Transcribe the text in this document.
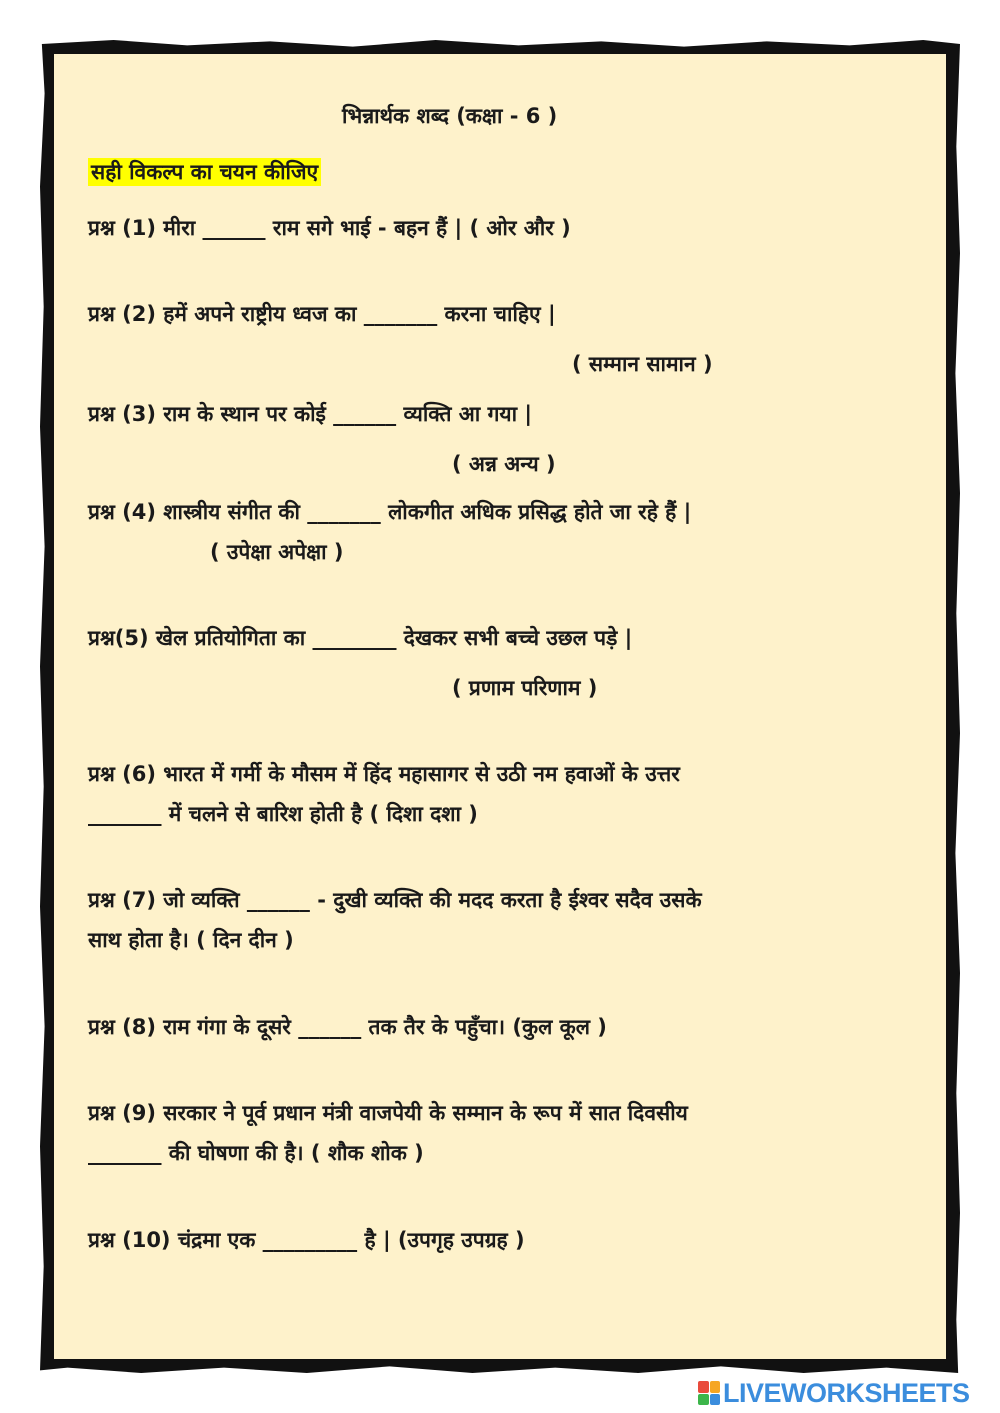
भिन्नार्थक शब्द (कक्षा - 6 )
सही विकल्प का चयन कीजिए
प्रश्न (1) मीरा ______ राम सगे भाई - बहन हैं | ( ओर और )
प्रश्न (2) हमें अपने राष्ट्रीय ध्वज का _______ करना चाहिए |
( सम्मान सामान )
प्रश्न (3) राम के स्थान पर कोई ______ व्यक्ति आ गया |
( अन्न अन्य )
प्रश्न (4) शास्त्रीय संगीत की _______ लोकगीत अधिक प्रसिद्ध होते जा रहे हैं |
( उपेक्षा अपेक्षा )
प्रश्न(5) खेल प्रतियोगिता का ________ देखकर सभी बच्चे उछल पड़े |
( प्रणाम परिणाम )
प्रश्न (6) भारत में गर्मी के मौसम में हिंद महासागर से उठी नम हवाओं के उत्तर
_______ में चलने से बारिश होती है ( दिशा दशा )
प्रश्न (7) जो व्यक्ति ______ - दुखी व्यक्ति की मदद करता है ईश्वर सदैव उसके
साथ होता है। ( दिन दीन )
प्रश्न (8) राम गंगा के दूसरे ______ तक तैर के पहुँचा। (कुल कूल )
प्रश्न (9) सरकार ने पूर्व प्रधान मंत्री वाजपेयी के सम्मान के रूप में सात दिवसीय
_______ की घोषणा की है। ( शौक शोक )
प्रश्न (10) चंद्रमा एक _________ है | (उपगृह उपग्रह )
LIVEWORKSHEETS
